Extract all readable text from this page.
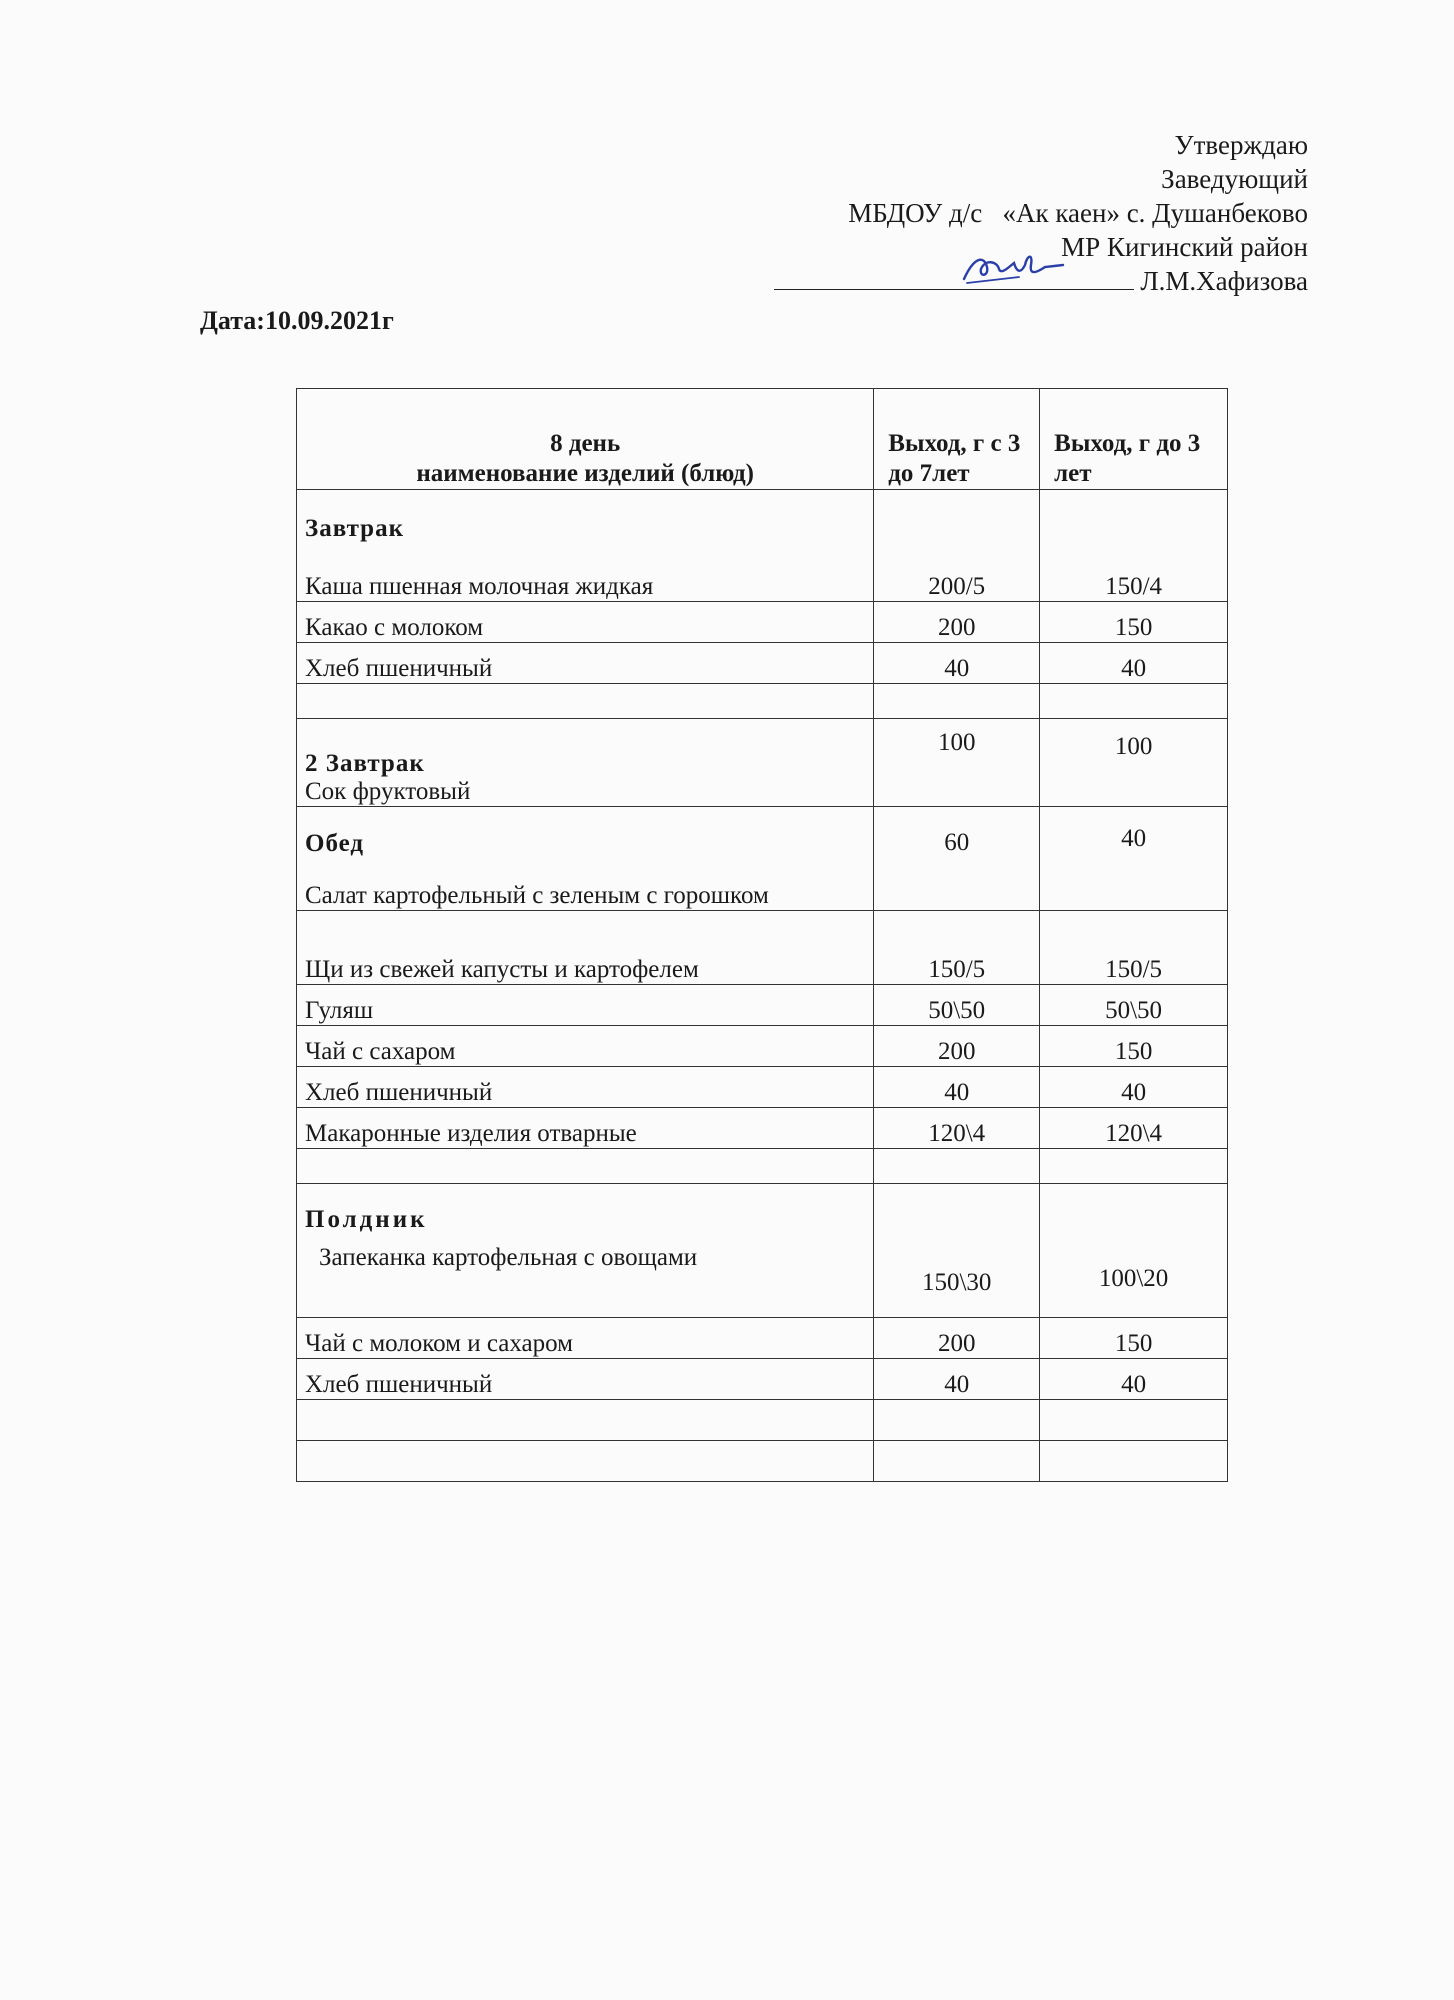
Утверждаю
Заведующий
МБДОУ д/с   «Ак каен» с. Душанбеково
МР Кигинский район
Л.М.Хафизова
Дата:10.09.2021г
8 день
наименование изделий (блюд)	Выход, г с 3 до 7лет	Выход, г до 3 лет

Завтрак
Каша пшенная молочная жидкая	200/5	150/4
Какао с молоком	200	150
Хлеб пшеничный	40	40

2 Завтрак
Сок фруктовый	100	100

Обед
Салат картофельный с зеленым с горошком	60	40
Щи из свежей капусты и картофелем	150/5	150/5
Гуляш	50\50	50\50
Чай с сахаром	200	150
Хлеб пшеничный	40	40
Макаронные изделия отварные	120\4	120\4

Полдник
Запеканка картофельная с овощами	150\30	100\20
Чай с молоком и сахаром	200	150
Хлеб пшеничный	40	40
